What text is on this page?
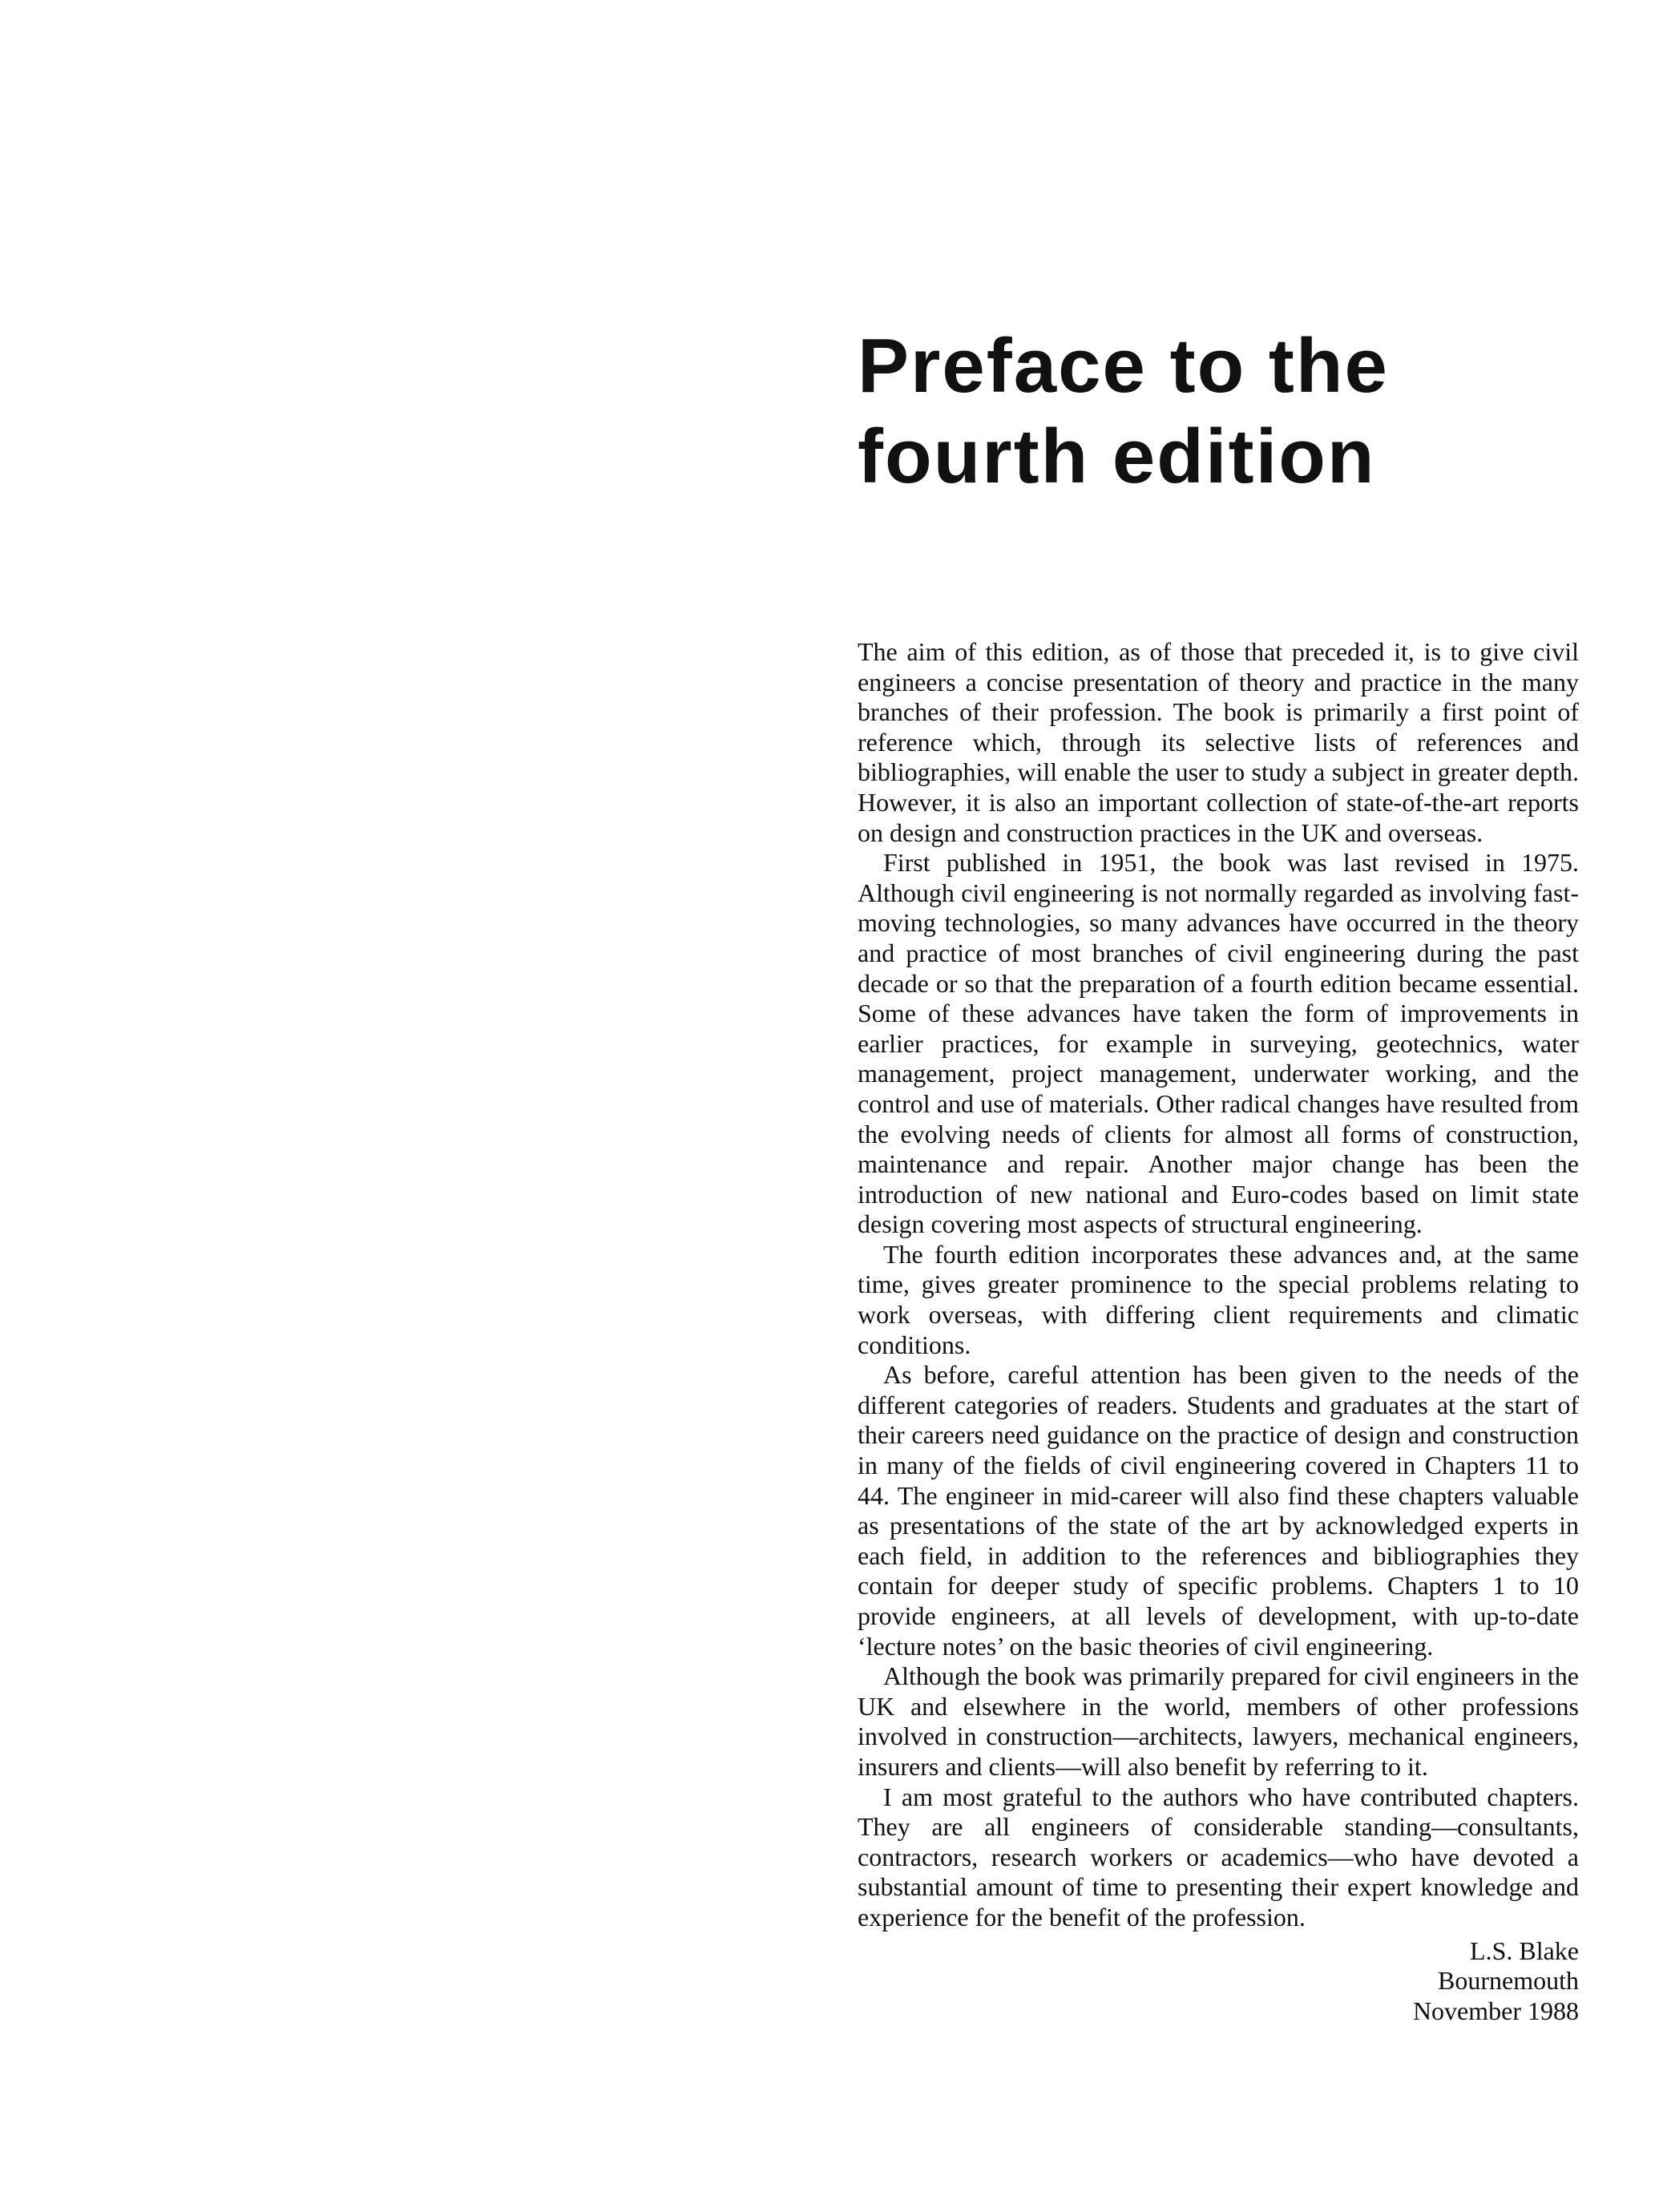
Preface to the
fourth edition

The aim of this edition, as of those that preceded it, is to give civil engineers a concise presentation of theory and practice in the many branches of their profession. The book is primarily a first point of reference which, through its selective lists of references and bibliographies, will enable the user to study a subject in greater depth. However, it is also an important collection of state-of-the-art reports on design and construction practices in the UK and overseas.

First published in 1951, the book was last revised in 1975. Although civil engineering is not normally regarded as involving fast-moving technologies, so many advances have occurred in the theory and practice of most branches of civil engineering during the past decade or so that the preparation of a fourth edition became essential. Some of these advances have taken the form of improvements in earlier practices, for example in surveying, geotechnics, water management, project management, underwater working, and the control and use of materials. Other radical changes have resulted from the evolving needs of clients for almost all forms of construction, maintenance and repair. Another major change has been the introduction of new national and Euro-codes based on limit state design covering most aspects of structural engineering.

The fourth edition incorporates these advances and, at the same time, gives greater prominence to the special problems relating to work overseas, with differing client requirements and climatic conditions.

As before, careful attention has been given to the needs of the different categories of readers. Students and graduates at the start of their careers need guidance on the practice of design and construction in many of the fields of civil engineering covered in Chapters 11 to 44. The engineer in mid-career will also find these chapters valuable as presentations of the state of the art by acknowledged experts in each field, in addition to the references and bibliographies they contain for deeper study of specific problems. Chapters 1 to 10 provide engineers, at all levels of development, with up-to-date ‘lecture notes’ on the basic theories of civil engineering.

Although the book was primarily prepared for civil engineers in the UK and elsewhere in the world, members of other professions involved in construction—architects, lawyers, mechanical engineers, insurers and clients—will also benefit by referring to it.

I am most grateful to the authors who have contributed chapters. They are all engineers of considerable standing—consultants, contractors, research workers or academics—who have devoted a substantial amount of time to presenting their expert knowledge and experience for the benefit of the profession.

L.S. Blake
Bournemouth
November 1988
